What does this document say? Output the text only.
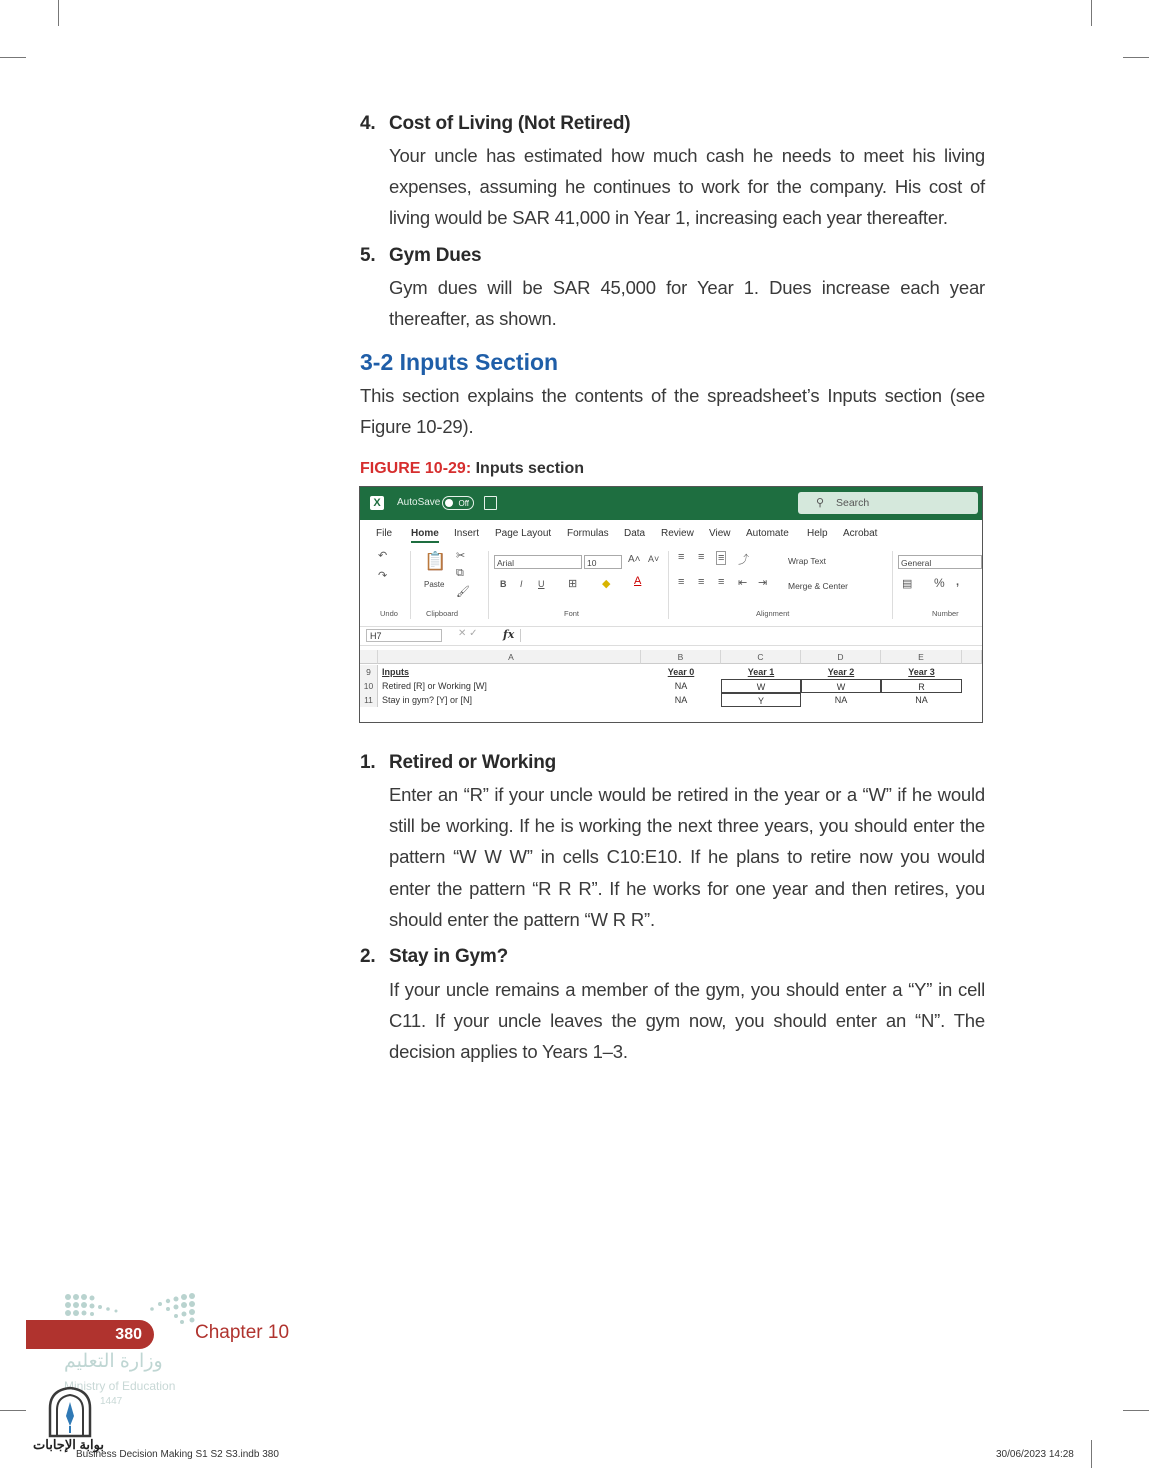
4. Cost of Living (Not Retired)
Your uncle has estimated how much cash he needs to meet his living expenses, assuming he continues to work for the company. His cost of living would be SAR 41,000 in Year 1, increasing each year thereafter.
5. Gym Dues
Gym dues will be SAR 45,000 for Year 1. Dues increase each year thereafter, as shown.
3-2 Inputs Section
This section explains the contents of the spreadsheet’s Inputs section (see Figure 10-29).
FIGURE 10-29: Inputs section
X	AutoSave	Off	⚲ Search
File Home Insert Page Layout Formulas Data Review View Automate Help Acrobat
↶
↷
📋
Paste
✂
⧉
🖌
Arial	10	A˄ A˅
B I U ⊞ ◆ A
≡ ≡ ≡ ⤴
≡ ≡ ≡ ⇤ ⇥
Wrap Text
Merge & Center
General
▤ % ,
Undo	Clipboard	Font	Alignment	Number
H7	✕ ✓ fx
A	B	C	D	E
9	Inputs	Year 0	Year 1	Year 2	Year 3
10 Retired [R] or Working [W]	NA	W	W	R
11	Stay in gym? [Y] or [N]	NA	Y	NA	NA
1. Retired or Working
Enter an “R” if your uncle would be retired in the year or a “W” if he would still be working. If he is working the next three years, you should enter the pattern “W W W” in cells C10:E10. If he plans to retire now you would enter the pattern “R R R”. If he works for one year and then retires, you should enter the pattern “W R R”.
2. Stay in Gym?
If your uncle remains a member of the gym, you should enter a “Y” in cell C11. If your uncle leaves the gym now, you should enter an “N”. The decision applies to Years 1–3.
380	Chapter 10
وزارة التعليم
Ministry of Education
1447
بوابة الإجابات
Business Decision Making S1 S2 S3.indb 380	30/06/2023 14:28
